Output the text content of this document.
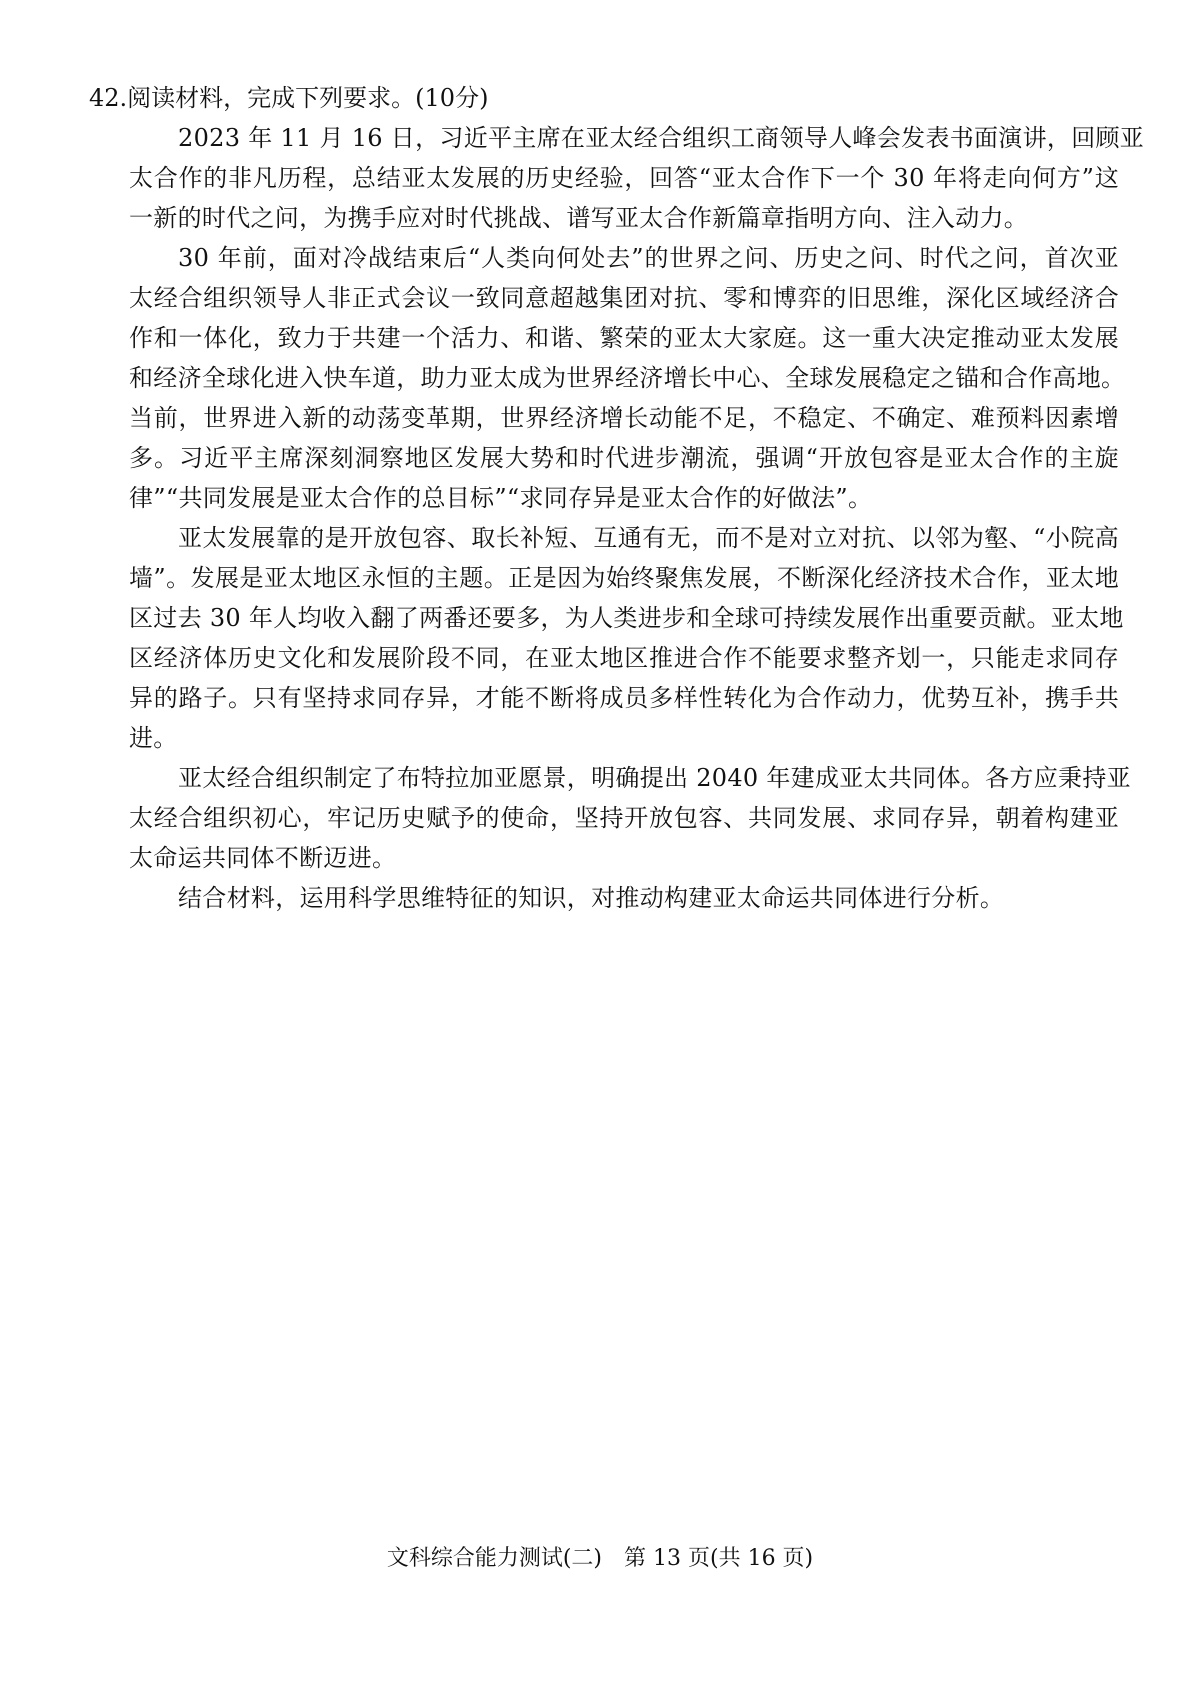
42.阅读材料，完成下列要求。(10分)

2023 年 11 月 16 日，习近平主席在亚太经合组织工商领导人峰会发表书面演讲，回顾亚
太合作的非凡历程，总结亚太发展的历史经验，回答“亚太合作下一个 30 年将走向何方”这
一新的时代之问，为携手应对时代挑战、谱写亚太合作新篇章指明方向、注入动力。

30 年前，面对冷战结束后“人类向何处去”的世界之问、历史之问、时代之问，首次亚
太经合组织领导人非正式会议一致同意超越集团对抗、零和博弈的旧思维，深化区域经济合
作和一体化，致力于共建一个活力、和谐、繁荣的亚太大家庭。这一重大决定推动亚太发展
和经济全球化进入快车道，助力亚太成为世界经济增长中心、全球发展稳定之锚和合作高地。
当前，世界进入新的动荡变革期，世界经济增长动能不足，不稳定、不确定、难预料因素增
多。习近平主席深刻洞察地区发展大势和时代进步潮流，强调“开放包容是亚太合作的主旋
律”“共同发展是亚太合作的总目标”“求同存异是亚太合作的好做法”。

亚太发展靠的是开放包容、取长补短、互通有无，而不是对立对抗、以邻为壑、“小院高
墙”。发展是亚太地区永恒的主题。正是因为始终聚焦发展，不断深化经济技术合作，亚太地
区过去 30 年人均收入翻了两番还要多，为人类进步和全球可持续发展作出重要贡献。亚太地
区经济体历史文化和发展阶段不同，在亚太地区推进合作不能要求整齐划一，只能走求同存
异的路子。只有坚持求同存异，才能不断将成员多样性转化为合作动力，优势互补，携手共
进。

亚太经合组织制定了布特拉加亚愿景，明确提出 2040 年建成亚太共同体。各方应秉持亚
太经合组织初心，牢记历史赋予的使命，坚持开放包容、共同发展、求同存异，朝着构建亚
太命运共同体不断迈进。

结合材料，运用科学思维特征的知识，对推动构建亚太命运共同体进行分析。

文科综合能力测试(二)　第 13 页(共 16 页)
